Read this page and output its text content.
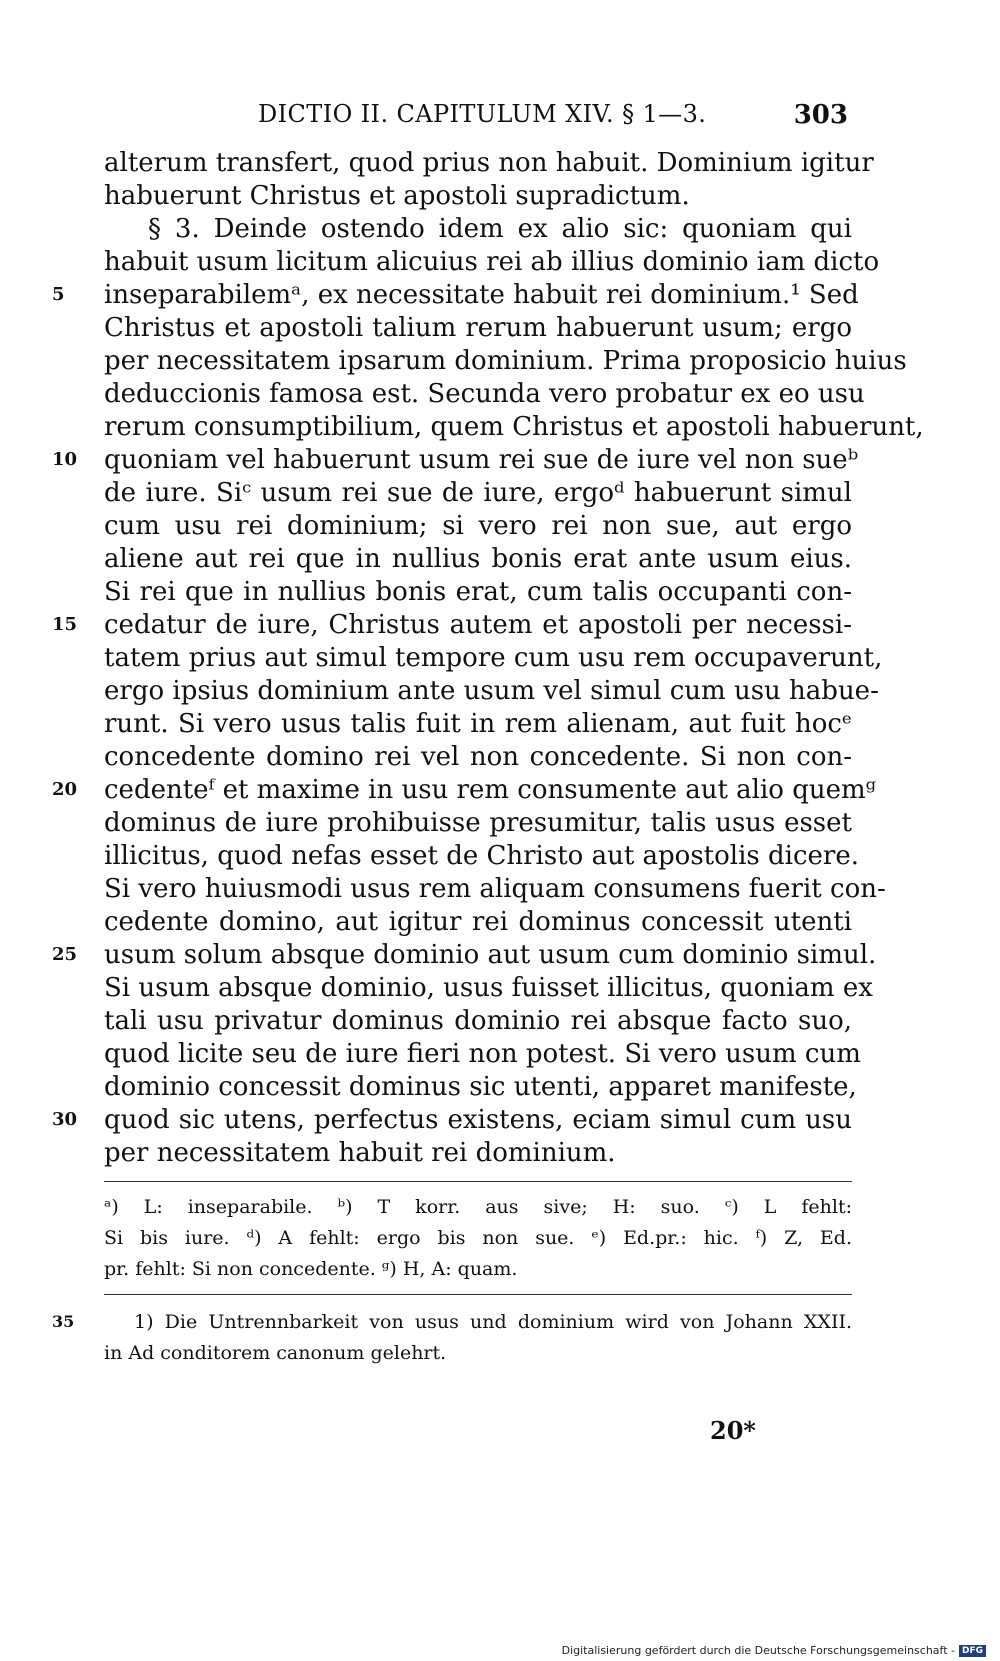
DICTIO II. CAPITULUM XIV. § 1—3.	303
alterum transfert, quod prius non habuit. Dominium igitur
habuerunt Christus et apostoli supradictum.
§ 3. Deinde ostendo idem ex alio sic: quoniam qui
habuit usum licitum alicuius rei ab illius dominio iam dicto
inseparabilemᵃ, ex necessitate habuit rei dominium.¹ Sed
5
Christus et apostoli talium rerum habuerunt usum; ergo
per necessitatem ipsarum dominium. Prima proposicio huius
deduccionis famosa est. Secunda vero probatur ex eo usu
rerum consumptibilium, quem Christus et apostoli habuerunt,
quoniam vel habuerunt usum rei sue de iure vel non sueᵇ
10
de iure. Siᶜ usum rei sue de iure, ergoᵈ habuerunt simul
cum usu rei dominium; si vero rei non sue, aut ergo
aliene aut rei que in nullius bonis erat ante usum eius.
Si rei que in nullius bonis erat, cum talis occupanti con-
cedatur de iure, Christus autem et apostoli per necessi-
15
tatem prius aut simul tempore cum usu rem occupaverunt,
ergo ipsius dominium ante usum vel simul cum usu habue-
runt. Si vero usus talis fuit in rem alienam, aut fuit hocᵉ
concedente domino rei vel non concedente. Si non con-
cedenteᶠ et maxime in usu rem consumente aut alio quemᵍ
20
dominus de iure prohibuisse presumitur, talis usus esset
illicitus, quod nefas esset de Christo aut apostolis dicere.
Si vero huiusmodi usus rem aliquam consumens fuerit con-
cedente domino, aut igitur rei dominus concessit utenti
usum solum absque dominio aut usum cum dominio simul.
25
Si usum absque dominio, usus fuisset illicitus, quoniam ex
tali usu privatur dominus dominio rei absque facto suo,
quod licite seu de iure fieri non potest. Si vero usum cum
dominio concessit dominus sic utenti, apparet manifeste,
quod sic utens, perfectus existens, eciam simul cum usu
30
per necessitatem habuit rei dominium.
ᵃ) L: inseparabile. ᵇ) T korr. aus sive; H: suo. ᶜ) L fehlt:
Si bis iure. ᵈ) A fehlt: ergo bis non sue. ᵉ) Ed.pr.: hic. ᶠ) Z, Ed.
pr. fehlt: Si non concedente. ᵍ) H, A: quam.
1) Die Untrennbarkeit von usus und dominium wird von Johann XXII.
in Ad conditorem canonum gelehrt.
35
20*
Digitalisierung gefördert durch die Deutsche Forschungsgemeinschaft - DFG
